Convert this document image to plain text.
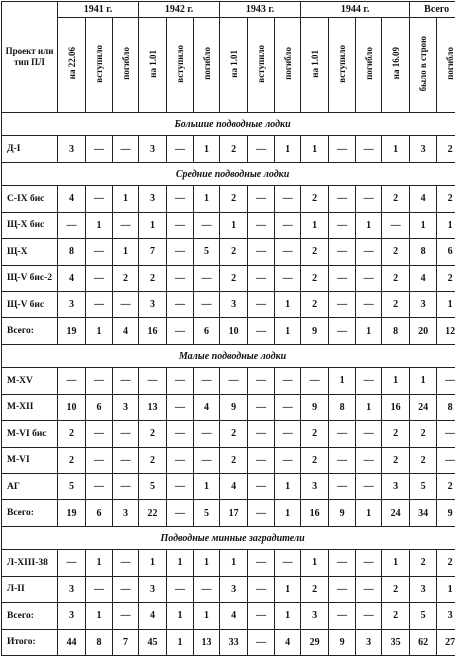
Проект или
тип ПЛ	1941 г.			1942 г.			1943 г.			1944 г.				Всего	
	на 22.06	вступило	погибло	на 1.01	вступило	погибло	на 1.01	вступило	погибло	на 1.01	вступило	погибло	на 16.09	было в строю	погибло
Большие подводные лодки															
Д-I	3	—	—	3	—	1	2	—	1	1	—	—	1	3	2
Средние подводные лодки															
С-IX бис	4	—	1	3	—	1	2	—	—	2	—	—	2	4	2
Щ-Х бис	—	1	—	1	—	—	1	—	—	1	—	1	—	1	1
Щ-Х	8	—	1	7	—	5	2	—	—	2	—	—	2	8	6
Щ-V бис-2	4	—	2	2	—	—	2	—	—	2	—	—	2	4	2
Щ-V бис	3	—	—	3	—	—	3	—	1	2	—	—	2	3	1
Всего:	19	1	4	16	—	6	10	—	1	9	—	1	8	20	12
Малые подводные лодки															
M-XV	—	—	—	—	—	—	—	—	—	—	1	—	1	1	—
M-XII	10	6	3	13	—	4	9	—	—	9	8	1	16	24	8
M-VI бис	2	—	—	2	—	—	2	—	—	2	—	—	2	2	—
M-VI	2	—	—	2	—	—	2	—	—	2	—	—	2	2	—
АГ	5	—	—	5	—	1	4	—	1	3	—	—	3	5	2
Всего:	19	6	3	22	—	5	17	—	1	16	9	1	24	34	9
Подводные минные заградители															
Л-XIII-38	—	1	—	1	1	1	1	—	—	1	—	—	1	2	2
Л-II	3	—	—	3	—	—	3	—	1	2	—	—	2	3	1
Всего:	3	1	—	4	1	1	4	—	1	3	—	—	2	5	3
Итого:	44	8	7	45	1	13	33	—	4	29	9	3	35	62	27
